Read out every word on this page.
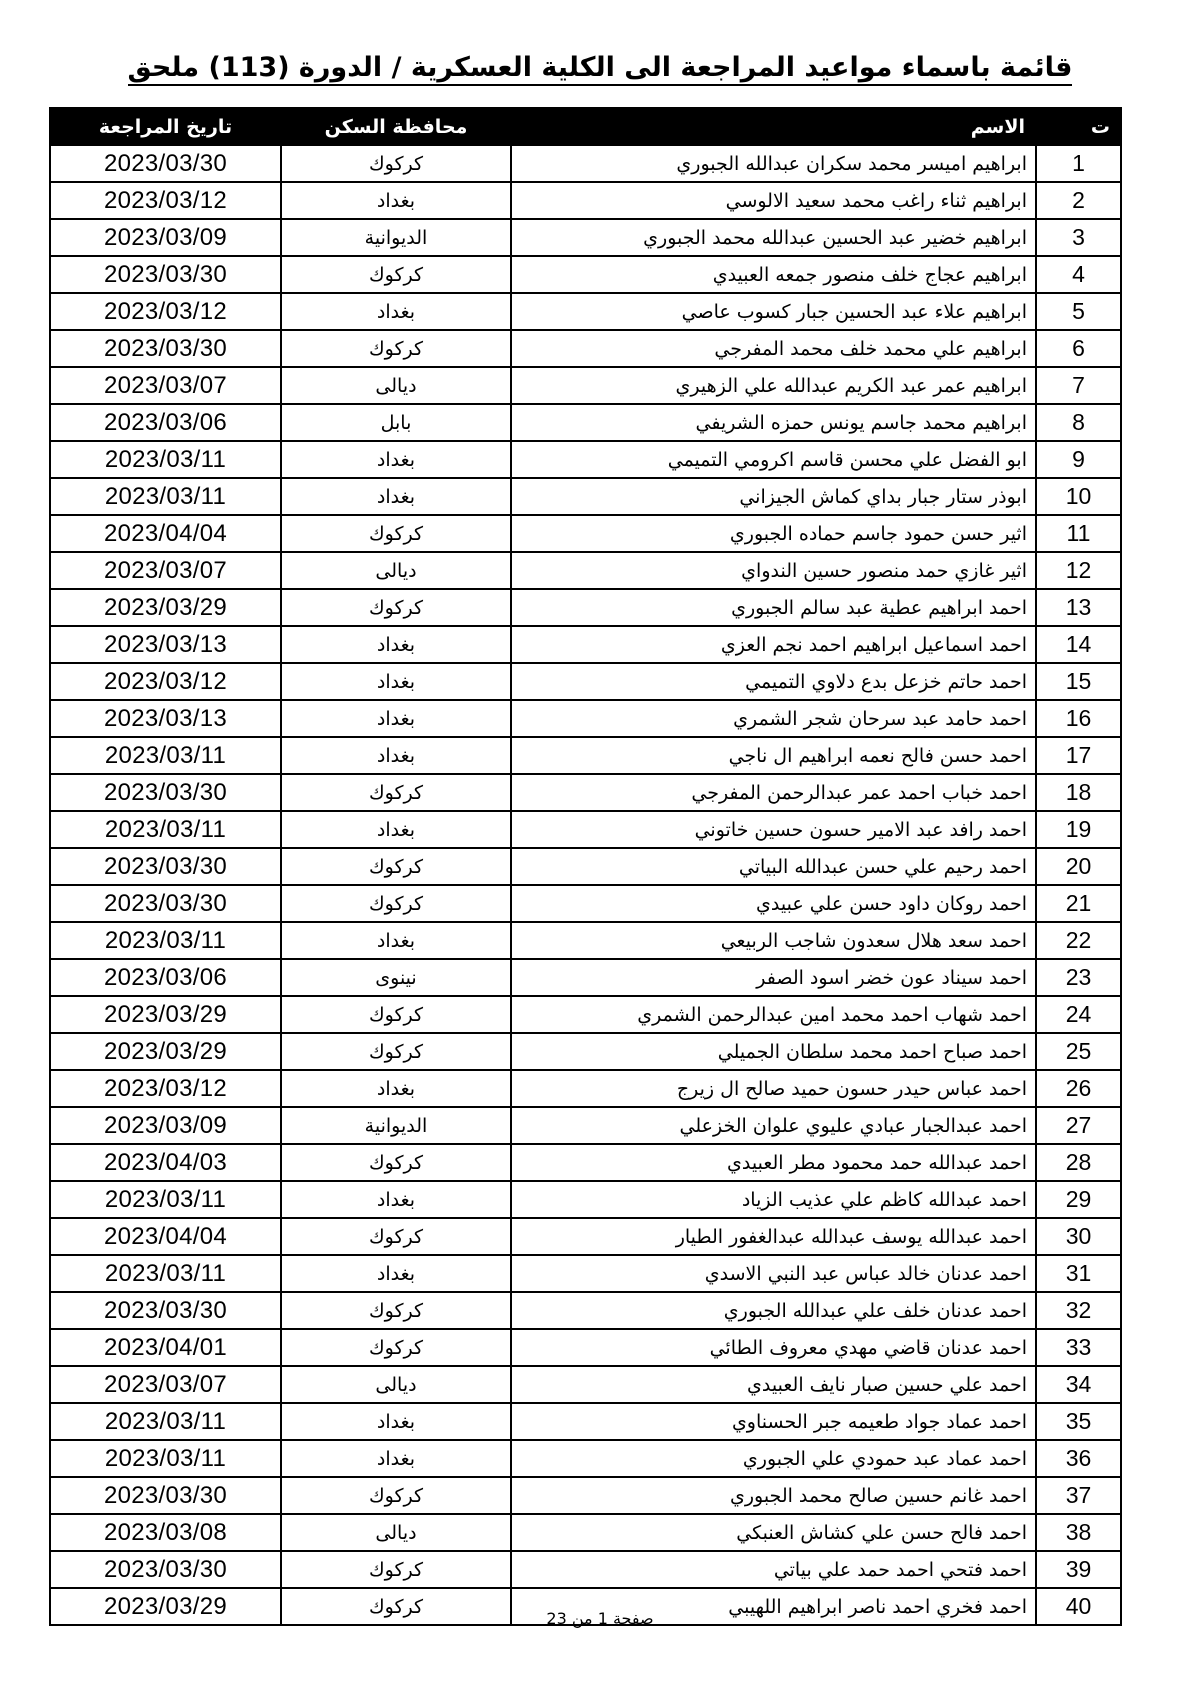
قائمة باسماء مواعيد المراجعة الى الكلية العسكرية / الدورة (113) ملحق
ت	الاسم	محافظة السكن	تاريخ المراجعة
1	ابراهيم اميسر محمد سكران عبدالله الجبوري	كركوك	2023/03/30
2	ابراهيم ثناء راغب محمد سعيد الالوسي	بغداد	2023/03/12
3	ابراهيم خضير عبد الحسين عبدالله محمد الجبوري	الديوانية	2023/03/09
4	ابراهيم عجاج خلف منصور جمعه العبيدي	كركوك	2023/03/30
5	ابراهيم علاء عبد الحسين جبار كسوب عاصي	بغداد	2023/03/12
6	ابراهيم علي محمد خلف محمد المفرجي	كركوك	2023/03/30
7	ابراهيم عمر عبد الكريم عبدالله علي الزهيري	ديالى	2023/03/07
8	ابراهيم محمد جاسم يونس حمزه الشريفي	بابل	2023/03/06
9	ابو الفضل علي محسن قاسم اكرومي التميمي	بغداد	2023/03/11
10	ابوذر ستار جبار بداي كماش الجيزاني	بغداد	2023/03/11
11	اثير حسن حمود جاسم حماده الجبوري	كركوك	2023/04/04
12	اثير غازي حمد منصور حسين الندواي	ديالى	2023/03/07
13	احمد ابراهيم عطية عبد سالم الجبوري	كركوك	2023/03/29
14	احمد اسماعيل ابراهيم احمد نجم العزي	بغداد	2023/03/13
15	احمد حاتم خزعل بدع دلاوي التميمي	بغداد	2023/03/12
16	احمد حامد عبد سرحان شجر الشمري	بغداد	2023/03/13
17	احمد حسن فالح نعمه ابراهيم ال ناجي	بغداد	2023/03/11
18	احمد خباب احمد عمر عبدالرحمن المفرجي	كركوك	2023/03/30
19	احمد رافد عبد الامير حسون حسين خاتوني	بغداد	2023/03/11
20	احمد رحيم علي حسن عبدالله البياتي	كركوك	2023/03/30
21	احمد روكان داود حسن علي عبيدي	كركوك	2023/03/30
22	احمد سعد هلال سعدون شاجب الربيعي	بغداد	2023/03/11
23	احمد سيناد عون خضر اسود الصفر	نينوى	2023/03/06
24	احمد شهاب احمد محمد امين عبدالرحمن الشمري	كركوك	2023/03/29
25	احمد صباح احمد محمد سلطان الجميلي	كركوك	2023/03/29
26	احمد عباس حيدر حسون حميد صالح ال زيرج	بغداد	2023/03/12
27	احمد عبدالجبار عبادي عليوي علوان الخزعلي	الديوانية	2023/03/09
28	احمد عبدالله حمد محمود مطر العبيدي	كركوك	2023/04/03
29	احمد عبدالله كاظم علي عذيب الزياد	بغداد	2023/03/11
30	احمد عبدالله يوسف عبدالله عبدالغفور الطيار	كركوك	2023/04/04
31	احمد عدنان خالد عباس عبد النبي الاسدي	بغداد	2023/03/11
32	احمد عدنان خلف علي عبدالله الجبوري	كركوك	2023/03/30
33	احمد عدنان قاضي مهدي معروف الطائي	كركوك	2023/04/01
34	احمد علي حسين صبار نايف العبيدي	ديالى	2023/03/07
35	احمد عماد جواد طعيمه جبر الحسناوي	بغداد	2023/03/11
36	احمد عماد عبد حمودي علي الجبوري	بغداد	2023/03/11
37	احمد غانم حسين صالح محمد الجبوري	كركوك	2023/03/30
38	احمد فالح حسن علي كشاش العنبكي	ديالى	2023/03/08
39	احمد فتحي احمد حمد علي بياتي	كركوك	2023/03/30
40	احمد فخري احمد ناصر ابراهيم اللهيبي	كركوك	2023/03/29	صفحة 1 من 23
